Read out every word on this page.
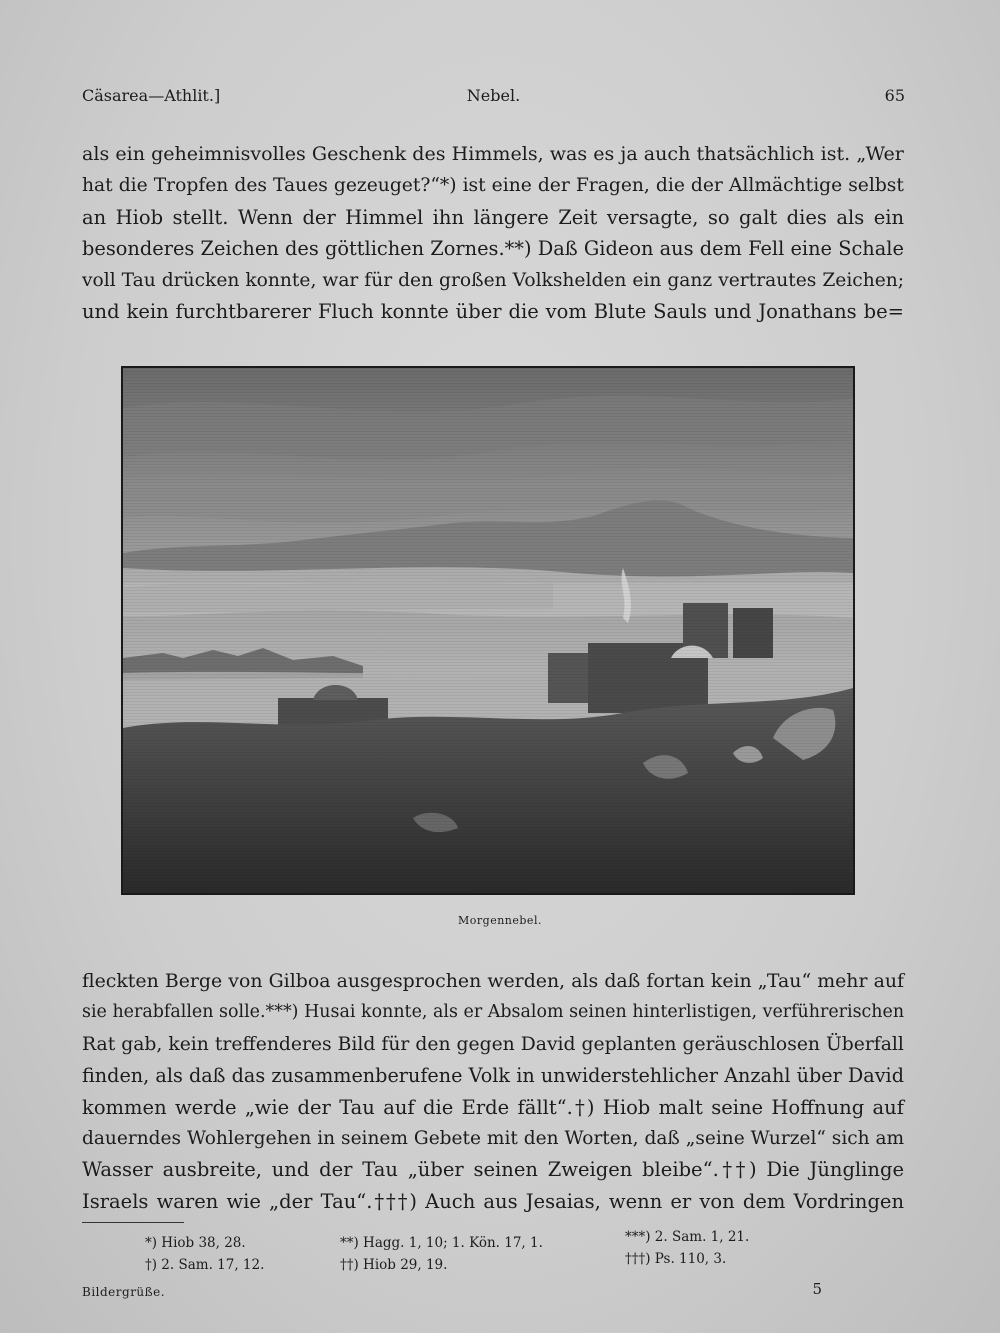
Cäsarea—Athlit.]	Nebel.	65
als ein geheimnisvolles Geschenk des Himmels, was es ja auch thatsächlich ist. „Wer
hat die Tropfen des Taues gezeuget?“*) ist eine der Fragen, die der Allmächtige selbst
an Hiob stellt. Wenn der Himmel ihn längere Zeit versagte, so galt dies als ein
besonderes Zeichen des göttlichen Zornes.**) Daß Gideon aus dem Fell eine Schale
voll Tau drücken konnte, war für den großen Volkshelden ein ganz vertrautes Zeichen;
und kein furchtbarerer Fluch konnte über die vom Blute Sauls und Jonathans be=
Morgennebel.
fleckten Berge von Gilboa ausgesprochen werden, als daß fortan kein „Tau“ mehr auf
sie herabfallen solle.***) Husai konnte, als er Absalom seinen hinterlistigen, verführerischen
Rat gab, kein treffenderes Bild für den gegen David geplanten geräuschlosen Überfall
finden, als daß das zusammenberufene Volk in unwiderstehlicher Anzahl über David
kommen werde „wie der Tau auf die Erde fällt“.†) Hiob malt seine Hoffnung auf
dauerndes Wohlergehen in seinem Gebete mit den Worten, daß „seine Wurzel“ sich am
Wasser ausbreite, und der Tau „über seinen Zweigen bleibe“.††) Die Jünglinge
Israels waren wie „der Tau“.†††) Auch aus Jesaias, wenn er von dem Vordringen
*) Hiob 38, 28.	**) Hagg. 1, 10; 1. Kön. 17, 1.	***) 2. Sam. 1, 21.
†) 2. Sam. 17, 12.	††) Hiob 29, 19.	†††) Ps. 110, 3.
Bildergrüße.	5
